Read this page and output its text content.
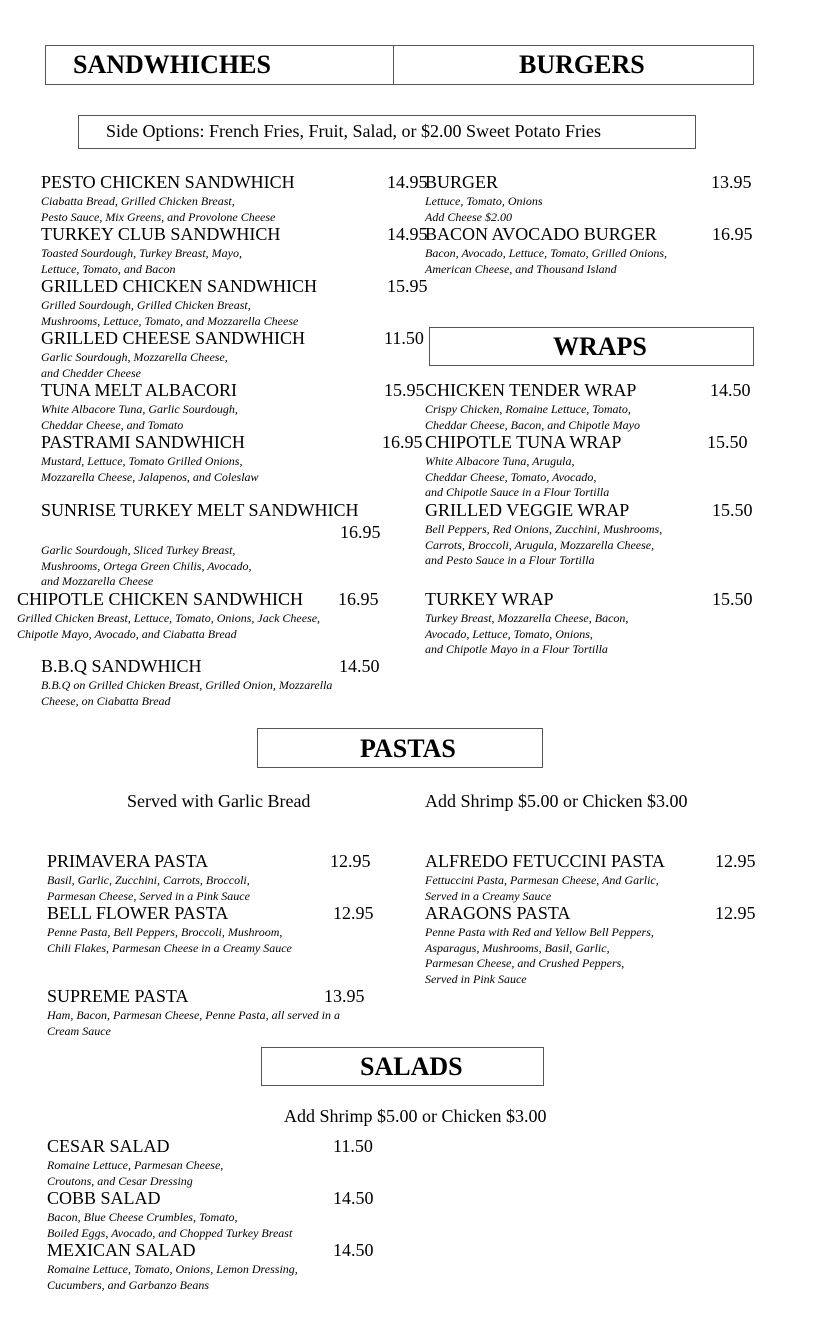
SANDWHICHES	BURGERS
Side Options: French Fries, Fruit, Salad, or $2.00 Sweet Potato Fries
WRAPS
PASTAS
Served with Garlic Bread	Add Shrimp $5.00 or Chicken $3.00
SALADS
Add Shrimp $5.00 or Chicken $3.00
PESTO CHICKEN SANDWHICH	14.95
Ciabatta Bread, Grilled Chicken Breast,
Pesto Sauce, Mix Greens, and Provolone Cheese
TURKEY CLUB SANDWHICH	14.95
Toasted Sourdough, Turkey Breast, Mayo,
Lettuce, Tomato, and Bacon
GRILLED CHICKEN SANDWHICH	15.95
Grilled Sourdough, Grilled Chicken Breast,
Mushrooms, Lettuce, Tomato, and Mozzarella Cheese
GRILLED CHEESE SANDWHICH	11.50
Garlic Sourdough, Mozzarella Cheese,
and Chedder Cheese
TUNA MELT ALBACORI	15.95
White Albacore Tuna, Garlic Sourdough,
Cheddar Cheese, and Tomato
PASTRAMI SANDWHICH	16.95
Mustard, Lettuce, Tomato Grilled Onions,
Mozzarella Cheese, Jalapenos, and Coleslaw
SUNRISE TURKEY MELT SANDWHICH
16.95
Garlic Sourdough, Sliced Turkey Breast,
Mushrooms, Ortega Green Chilis, Avocado,
and Mozzarella Cheese
CHIPOTLE CHICKEN SANDWHICH 16.95
Grilled Chicken Breast, Lettuce, Tomato, Onions, Jack Cheese,
Chipotle Mayo, Avocado, and Ciabatta Bread
B.B.Q SANDWHICH	14.50
B.B.Q on Grilled Chicken Breast, Grilled Onion, Mozzarella
Cheese, on Ciabatta Bread
BURGER	13.95
Lettuce, Tomato, Onions
Add Cheese $2.00
BACON AVOCADO BURGER	16.95
Bacon, Avocado, Lettuce, Tomato, Grilled Onions,
American Cheese, and Thousand Island
CHICKEN TENDER WRAP	14.50
Crispy Chicken, Romaine Lettuce, Tomato,
Cheddar Cheese, Bacon, and Chipotle Mayo
CHIPOTLE TUNA WRAP	15.50
White Albacore Tuna, Arugula,
Cheddar Cheese, Tomato, Avocado,
and Chipotle Sauce in a Flour Tortilla
GRILLED VEGGIE WRAP	15.50
Bell Peppers, Red Onions, Zucchini, Mushrooms,
Carrots, Broccoli, Arugula, Mozzarella Cheese,
and Pesto Sauce in a Flour Tortilla
TURKEY WRAP	15.50
Turkey Breast, Mozzarella Cheese, Bacon,
Avocado, Lettuce, Tomato, Onions,
and Chipotle Mayo in a Flour Tortilla
PRIMAVERA PASTA	12.95
Basil, Garlic, Zucchini, Carrots, Broccoli,
Parmesan Cheese, Served in a Pink Sauce
BELL FLOWER PASTA	12.95
Penne Pasta, Bell Peppers, Broccoli, Mushroom,
Chili Flakes, Parmesan Cheese in a Creamy Sauce
SUPREME PASTA	13.95
Ham, Bacon, Parmesan Cheese, Penne Pasta, all served in a
Cream Sauce
ALFREDO FETUCCINI PASTA	12.95
Fettuccini Pasta, Parmesan Cheese, And Garlic,
Served in a Creamy Sauce
ARAGONS PASTA	12.95
Penne Pasta with Red and Yellow Bell Peppers,
Asparagus, Mushrooms, Basil, Garlic,
Parmesan Cheese, and Crushed Peppers,
Served in Pink Sauce
CESAR SALAD	11.50
Romaine Lettuce, Parmesan Cheese,
Croutons, and Cesar Dressing
COBB SALAD	14.50
Bacon, Blue Cheese Crumbles, Tomato,
Boiled Eggs, Avocado, and Chopped Turkey Breast
MEXICAN SALAD	14.50
Romaine Lettuce, Tomato, Onions, Lemon Dressing,
Cucumbers, and Garbanzo Beans
